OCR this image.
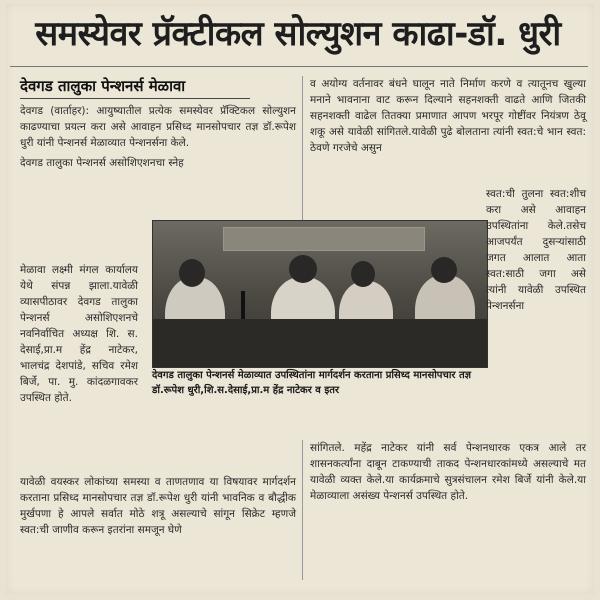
समस्येवर प्रॅक्टीकल सोल्युशन काढा-डॉ. धुरी
देवगड तालुका पेन्शनर्स मेळावा

देवगड (वार्ताहर): आयुष्यातील प्रत्येक समस्येवर प्रॅक्टिकल सोल्युशन काढण्याचा प्रयत्न करा असे आवाहन प्रसिध्द मानसोपचार तज्ञ डॉ.रूपेश धुरी यांनी पेन्शनर्स मेळाव्यात पेन्शनर्सना केले.

देवगड तालुका पेन्शनर्स असोशिएशनचा स्नेह

मेळावा लक्ष्मी मंगल कार्यालय येथे संपन्न झाला.यावेळी व्यासपीठावर देवगड तालुका पेन्शनर्स असोशिएशनचे नवनिर्वाचित अध्यक्ष शि. स. देसाई,प्रा.म हेंद्र नाटेकर, भालचंद्र देशपांडे, सचिव रमेश बिर्जे, पा. मु. कांदळगावकर उपस्थित होते.

यावेळी वयस्कर लोकांच्या समस्या व ताणतणाव या विषयावर मार्गदर्शन करताना प्रसिध्द मानसोपचार तज्ञ डॉ.रूपेश धुरी यांनी भावनिक व बौद्धीक मुर्खपणा हे आपले सर्वात मोठे शत्रू असल्याचे सांगून सिक्रेट म्हणजे स्वत:ची जाणीव करून इतरांना समजून घेणे

देवगड तालुका पेन्शनर्स मेळाव्यात उपस्थितांना मार्गदर्शन करताना प्रसिध्द मानसोपचार तज्ञ डॉ.रूपेश धुरी,शि.स.देसाई,प्रा.म हेंद्र नाटेकर व इतर

व अयोग्य वर्तनावर बंधने घालून नाते निर्माण करणे व त्यातूनच खुल्या मनाने भावनाना वाट करून दिल्याने सहनशक्ती वाढते आणि जितकी सहनशक्ती वाढेल तितक्या प्रमाणात आपण भरपूर गोष्टींवर नियंत्रण ठेवू शकू असे यावेळी सांगितले.यावेळी पुढे बोलताना त्यांनी स्वत:चे भान स्वत: ठेवणे गरजेचे असुन

स्वत:ची तुलना स्वत:शीच करा असे आवाहन उपस्थितांना केले.तसेच आजपर्यंत दुसर्‍यांसाठी जगत आलात आता स्वत:साठी जगा असे त्यांनी यावेळी उपस्थित पेन्शनर्सना

सांगितले. महेंद्र नाटेकर यांनी सर्व पेन्शनधारक एकत्र आले तर शासनकर्त्यांना दाबून टाकण्याची ताकद पेन्शनधारकांमध्ये असल्याचे मत यावेळी व्यक्त केले.या कार्यक्रमाचे सुत्रसंचालन रमेश बिर्जे यांनी केले.या मेळाव्याला असंख्य पेन्शनर्स उपस्थित होते.
